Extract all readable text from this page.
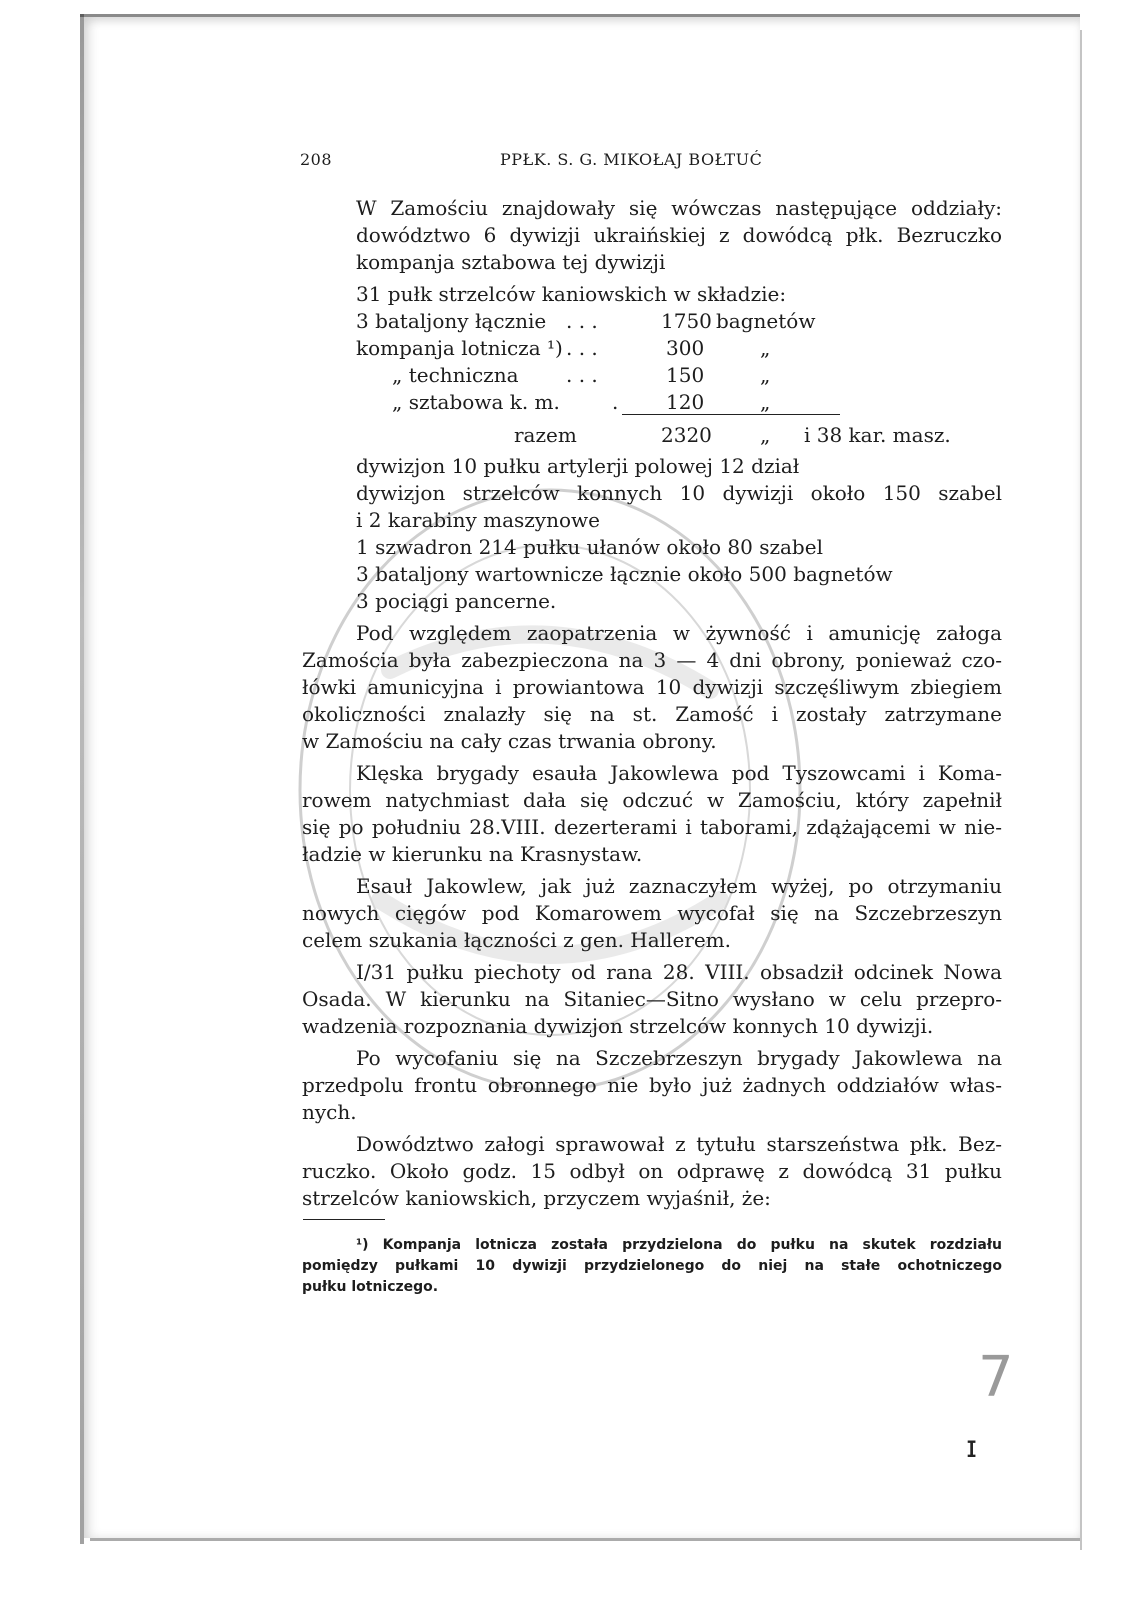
208	PPŁK. S. G. MIKOŁAJ BOŁTUĆ
W Zamościu znajdowały się wówczas następujące oddziały:
dowództwo 6 dywizji ukraińskiej z dowódcą płk. Bezruczko
kompanja sztabowa tej dywizji
31 pułk strzelców kaniowskich w składzie:
3 bataljony łącznie . . .	1750 bagnetów
kompanja lotnicza ¹) . . .	300	„
„ techniczna . . .	150	„
„ sztabowa k. m.	. 120	„
razem	2320 „ i 38 kar. masz.
dywizjon 10 pułku artylerji polowej 12 dział
dywizjon strzelców konnych 10 dywizji około 150 szabel
i 2 karabiny maszynowe
1 szwadron 214 pułku ułanów około 80 szabel
3 bataljony wartownicze łącznie około 500 bagnetów
3 pociągi pancerne.
Pod względem zaopatrzenia w żywność i amunicję załoga
Zamościa była zabezpieczona na 3 — 4 dni obrony, ponieważ czo-
łówki amunicyjna i prowiantowa 10 dywizji szczęśliwym zbiegiem
okoliczności znalazły się na st. Zamość i zostały zatrzymane
w Zamościu na cały czas trwania obrony.
Klęska brygady esauła Jakowlewa pod Tyszowcami i Koma-
rowem natychmiast dała się odczuć w Zamościu, który zapełnił
się po południu 28.VIII. dezerterami i taborami, zdążającemi w nie-
ładzie w kierunku na Krasnystaw.
Esauł Jakowlew, jak już zaznaczyłem wyżej, po otrzymaniu
nowych cięgów pod Komarowem wycofał się na Szczebrzeszyn
celem szukania łączności z gen. Hallerem.
I/31 pułku piechoty od rana 28. VIII. obsadził odcinek Nowa
Osada. W kierunku na Sitaniec—Sitno wysłano w celu przepro-
wadzenia rozpoznania dywizjon strzelców konnych 10 dywizji.
Po wycofaniu się na Szczebrzeszyn brygady Jakowlewa na
przedpolu frontu obronnego nie było już żadnych oddziałów włas-
nych.
Dowództwo załogi sprawował z tytułu starszeństwa płk. Bez-
ruczko. Około godz. 15 odbył on odprawę z dowódcą 31 pułku
strzelców kaniowskich, przyczem wyjaśnił, że:
¹) Kompanja lotnicza została przydzielona do pułku na skutek rozdziału
pomiędzy pułkami 10 dywizji przydzielonego do niej na stałe ochotniczego
pułku lotniczego.
7
ɪ
